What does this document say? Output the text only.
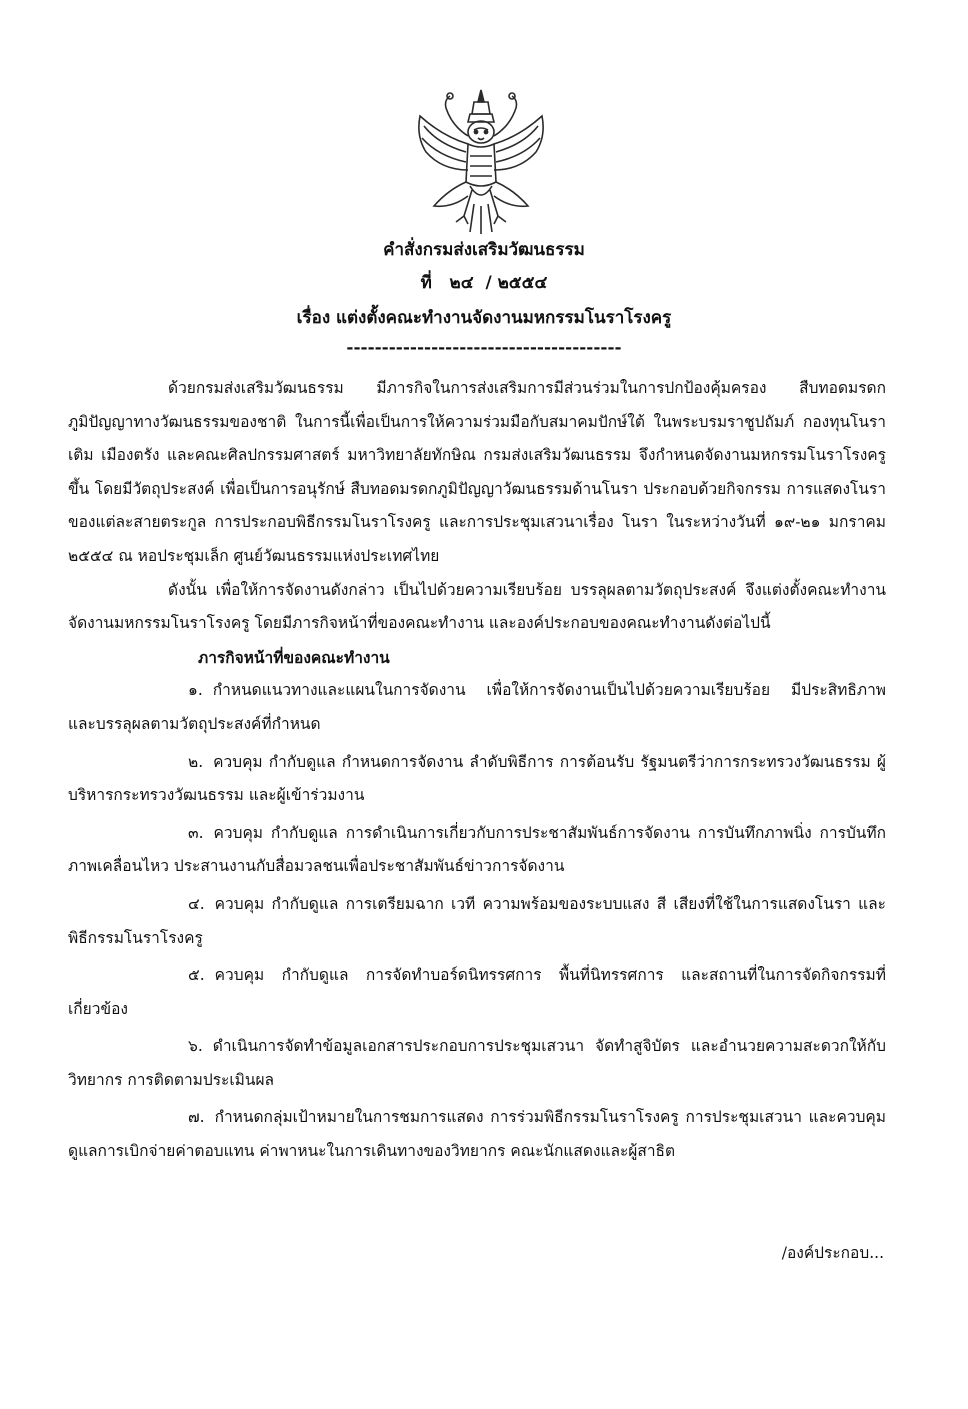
คำสั่งกรมส่งเสริมวัฒนธรรม
ที่   ๒๔  / ๒๕๕๔
เรื่อง แต่งตั้งคณะทำงานจัดงานมหกรรมโนราโรงครู
---------------------------------------

ด้วยกรมส่งเสริมวัฒนธรรม มีภารกิจในการส่งเสริมการมีส่วนร่วมในการปกป้องคุ้มครอง สืบทอดมรดกภูมิปัญญาทางวัฒนธรรมของชาติ ในการนี้เพื่อเป็นการให้ความร่วมมือกับสมาคมปักษ์ใต้ ในพระบรมราชูปถัมภ์ กองทุนโนราเติม เมืองตรัง และคณะศิลปกรรมศาสตร์ มหาวิทยาลัยทักษิณ กรมส่งเสริมวัฒนธรรม จึงกำหนดจัดงานมหกรรมโนราโรงครูขึ้น โดยมีวัตถุประสงค์ เพื่อเป็นการอนุรักษ์ สืบทอดมรดกภูมิปัญญาวัฒนธรรมด้านโนรา ประกอบด้วยกิจกรรม การแสดงโนราของแต่ละสายตระกูล การประกอบพิธีกรรมโนราโรงครู และการประชุมเสวนาเรื่อง โนรา ในระหว่างวันที่ ๑๙-๒๑ มกราคม ๒๕๕๔ ณ หอประชุมเล็ก ศูนย์วัฒนธรรมแห่งประเทศไทย

ดังนั้น เพื่อให้การจัดงานดังกล่าว เป็นไปด้วยความเรียบร้อย บรรลุผลตามวัตถุประสงค์ จึงแต่งตั้งคณะทำงานจัดงานมหกรรมโนราโรงครู โดยมีภารกิจหน้าที่ของคณะทำงาน และองค์ประกอบของคณะทำงานดังต่อไปนี้

ภารกิจหน้าที่ของคณะทำงาน

๑. กำหนดแนวทางและแผนในการจัดงาน เพื่อให้การจัดงานเป็นไปด้วยความเรียบร้อย มีประสิทธิภาพ และบรรลุผลตามวัตถุประสงค์ที่กำหนด

๒. ควบคุม กำกับดูแล กำหนดการจัดงาน ลำดับพิธีการ การต้อนรับ รัฐมนตรีว่าการกระทรวงวัฒนธรรม ผู้บริหารกระทรวงวัฒนธรรม และผู้เข้าร่วมงาน

๓. ควบคุม กำกับดูแล การดำเนินการเกี่ยวกับการประชาสัมพันธ์การจัดงาน การบันทึกภาพนิ่ง การบันทึกภาพเคลื่อนไหว ประสานงานกับสื่อมวลชนเพื่อประชาสัมพันธ์ข่าวการจัดงาน

๔. ควบคุม กำกับดูแล การเตรียมฉาก เวที ความพร้อมของระบบแสง สี เสียงที่ใช้ในการแสดงโนรา และพิธีกรรมโนราโรงครู

๕. ควบคุม กำกับดูแล การจัดทำบอร์ดนิทรรศการ พื้นที่นิทรรศการ และสถานที่ในการจัดกิจกรรมที่เกี่ยวข้อง

๖. ดำเนินการจัดทำข้อมูลเอกสารประกอบการประชุมเสวนา จัดทำสูจิบัตร และอำนวยความสะดวกให้กับวิทยากร การติดตามประเมินผล

๗. กำหนดกลุ่มเป้าหมายในการชมการแสดง การร่วมพิธีกรรมโนราโรงครู การประชุมเสวนา และควบคุม ดูแลการเบิกจ่ายค่าตอบแทน ค่าพาหนะในการเดินทางของวิทยากร คณะนักแสดงและผู้สาธิต

/องค์ประกอบ...
